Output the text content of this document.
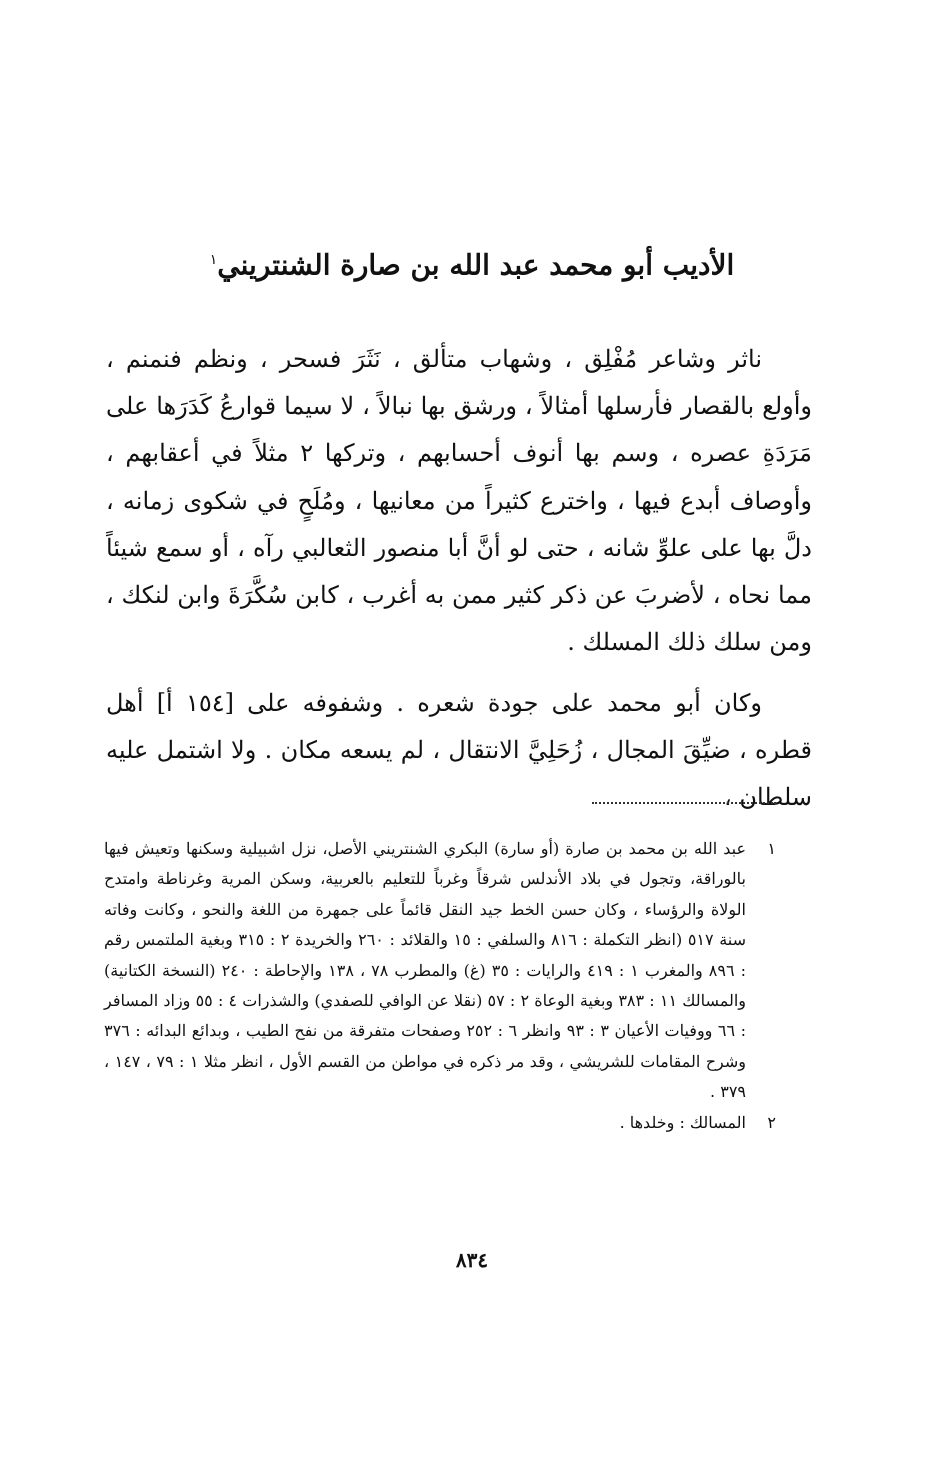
الأديب أبو محمد عبد الله بن صارة الشنتريني$^١$

ناثر وشاعر مُفْلِق ، وشهاب متألق ، نَثَرَ فسحر ، ونظم فنمنم ، وأولع بالقصار فأرسلها أمثالاً ، ورشق بها نبالاً ، لا سيما قوارعُ كَدَرَها على مَرَدَةِ عصره ، وسم بها أنوف أحسابهم ، وتركها ٢ مثلاً في أعقابهم ، وأوصاف أبدع فيها ، واخترع كثيراً من معانيها ، ومُلَحٍ في شكوى زمانه ، دلَّ بها على علوِّ شانه ، حتى لو أنَّ أبا منصور الثعالبي رآه ، أو سمع شيئاً مما نحاه ، لأضربَ عن ذكر كثير ممن به أغرب ، كابن سُكَّرَةَ وابن لنكك ، ومن سلك ذلك المسلك .

وكان أبو محمد على جودة شعره . وشفوفه على [١٥٤ أ] أهل قطره ، ضيِّقَ المجال ، زُحَلِيَّ الانتقال ، لم يسعه مكان . ولا اشتمل عليه سلطان ،

١
عبد الله بن محمد بن صارة (أو سارة) البكري الشنتريني الأصل، نزل اشبيلية وسكنها وتعيش فيها بالوراقة، وتجول في بلاد الأندلس شرقاً وغرباً للتعليم بالعربية، وسكن المرية وغرناطة وامتدح الولاة والرؤساء ، وكان حسن الخط جيد النقل قائماً على جمهرة من اللغة والنحو ، وكانت وفاته سنة ٥١٧ (انظر التكملة : ٨١٦ والسلفي : ١٥ والقلائد : ٢٦٠ والخريدة ٢ : ٣١٥ وبغية الملتمس رقم : ٨٩٦ والمغرب ١ : ٤١٩ والرايات : ٣٥ (غ) والمطرب ٧٨ ، ١٣٨ والإحاطة : ٢٤٠ (النسخة الكتانية) والمسالك ١١ : ٣٨٣ وبغية الوعاة ٢ : ٥٧ (نقلا عن الوافي للصفدي) والشذرات ٤ : ٥٥ وزاد المسافر : ٦٦ ووفيات الأعيان ٣ : ٩٣ وانظر ٦ : ٢٥٢ وصفحات متفرقة من نفح الطيب ، وبدائع البدائه : ٣٧٦ وشرح المقامات للشريشي ، وقد مر ذكره في مواطن من القسم الأول ، انظر مثلا ١ : ٧٩ ، ١٤٧ ، ٣٧٩ .
٢
المسالك : وخلدها .
٨٣٤
